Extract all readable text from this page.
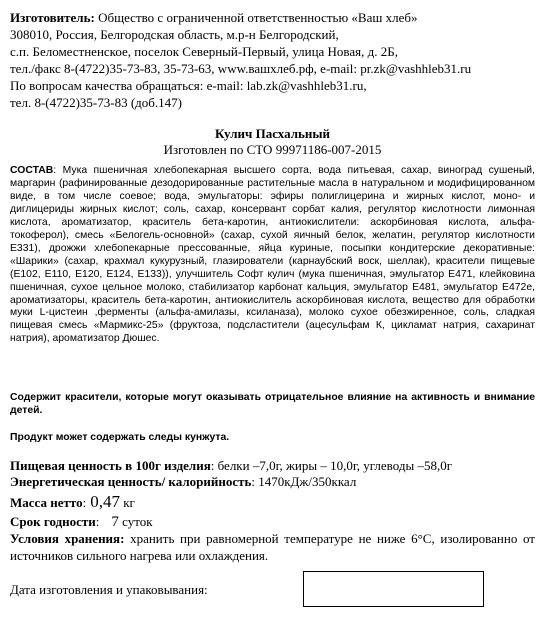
Изготовитель: Общество с ограниченной ответственностью «Ваш хлеб»
308010, Россия, Белгородская область, м.р-н Белгородский,
с.п. Беломестненское, поселок Северный-Первый, улица Новая, д. 2Б,
тел./факс 8-(4722)35-73-83, 35-73-63, www.вашхлеб.рф, e-mail: pr.zk@vashhleb31.ru
По вопросам качества обращаться: e-mail: lab.zk@vashhleb31.ru,
тел. 8-(4722)35-73-83 (доб.147)
Кулич Пасхальный
Изготовлен по СТО 99971186-007-2015
СОСТАВ: Мука пшеничная хлебопекарная высшего сорта, вода питьевая, сахар, виноград сушеный, маргарин (рафинированные дезодорированные растительные масла в натуральном и модифицированном виде, в том числе соевое; вода, эмульгаторы: эфиры полиглицерина и жирных кислот, моно- и диглицериды жирных кислот; соль, сахар, консервант сорбат калия, регулятор кислотности лимонная кислота, ароматизатор, краситель бета-каротин, антиокислители: аскорбиновая кислота, альфа-токоферол), смесь «Белогель-основной» (сахар, сухой яичный белок, желатин, регулятор кислотности Е331), дрожжи хлебопекарные прессованные, яйца куриные, посыпки кондитерские декоративные: «Шарики» (сахар, крахмал кукурузный, глазирователи (карнаубский воск, шеллак), красители пищевые (Е102, Е110, Е120, Е124, Е133)), улучшитель Софт кулич (мука пшеничная, эмульгатор Е471, клейковина пшеничная, сухое цельное молоко, стабилизатор карбонат кальция, эмульгатор Е481, эмульгатор Е472е, ароматизаторы, краситель бета-каротин, антиокислитель аскорбиновая кислота, вещество для обработки муки L-цистеин ,ферменты (альфа-амилазы, ксиланаза), молоко сухое обезжиренное, соль, сладкая пищевая смесь «Мармикс-25» (фруктоза, подсластители (ацесульфам К, цикламат натрия, сахаринат натрия), ароматизатор Дюшес.
Содержит красители, которые могут оказывать отрицательное влияние на активность и внимание детей.
Продукт может содержать следы кунжута.
Пищевая ценность в 100г изделия: белки –7,0г, жиры – 10,0г, углеводы –58,0г
Энергетическая ценность/ калорийность: 1470кДж/350ккал
Масса нетто: 0,47 кг
Срок годности: 7 суток
Условия хранения: хранить при равномерной температуре не ниже 6°С, изолированно от источников сильного нагрева или охлаждения.
Дата изготовления и упаковывания:
